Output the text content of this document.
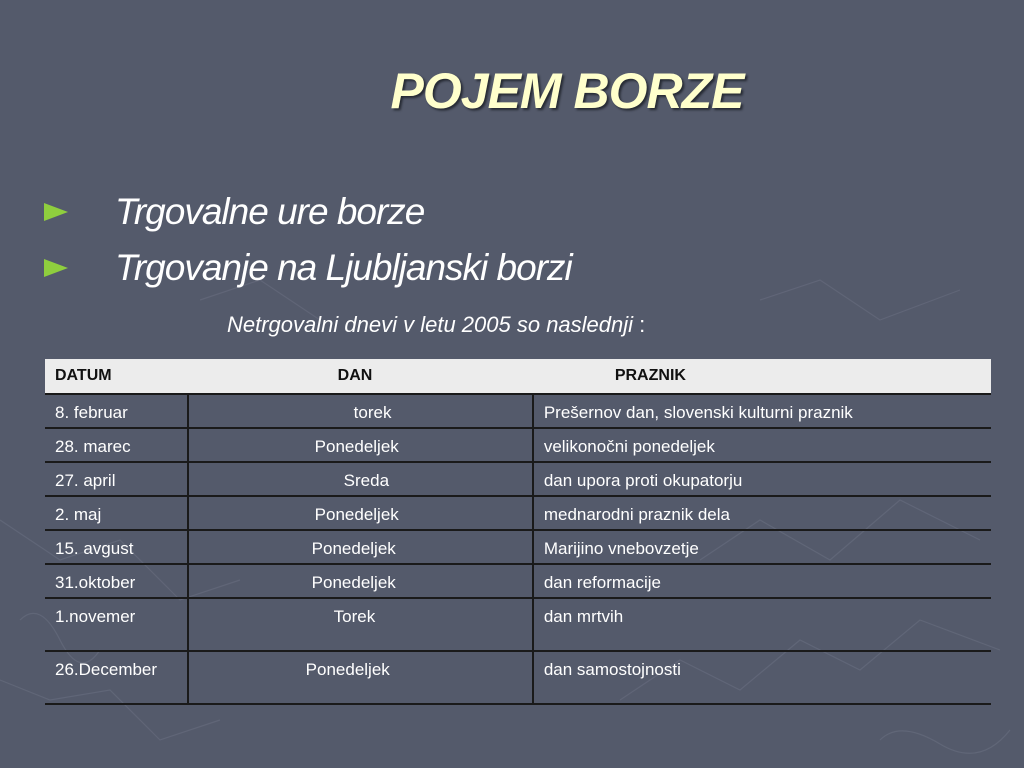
POJEM BORZE
Trgovalne ure borze
Trgovanje na Ljubljanski borzi
Netrgovalni dnevi v letu 2005 so naslednji :
DATUM	DAN	PRAZNIK

8. februar	torek	Prešernov dan, slovenski kulturni praznik

28. marec	Ponedeljek	velikonočni ponedeljek

27. april	Sreda	dan upora proti okupatorju

2. maj	Ponedeljek	mednarodni praznik dela

15. avgust	Ponedeljek	Marijino vnebovzetje

31.oktober	Ponedeljek	dan reformacije

1.novemer	Torek	dan mrtvih

26.December	Ponedeljek	dan samostojnosti
